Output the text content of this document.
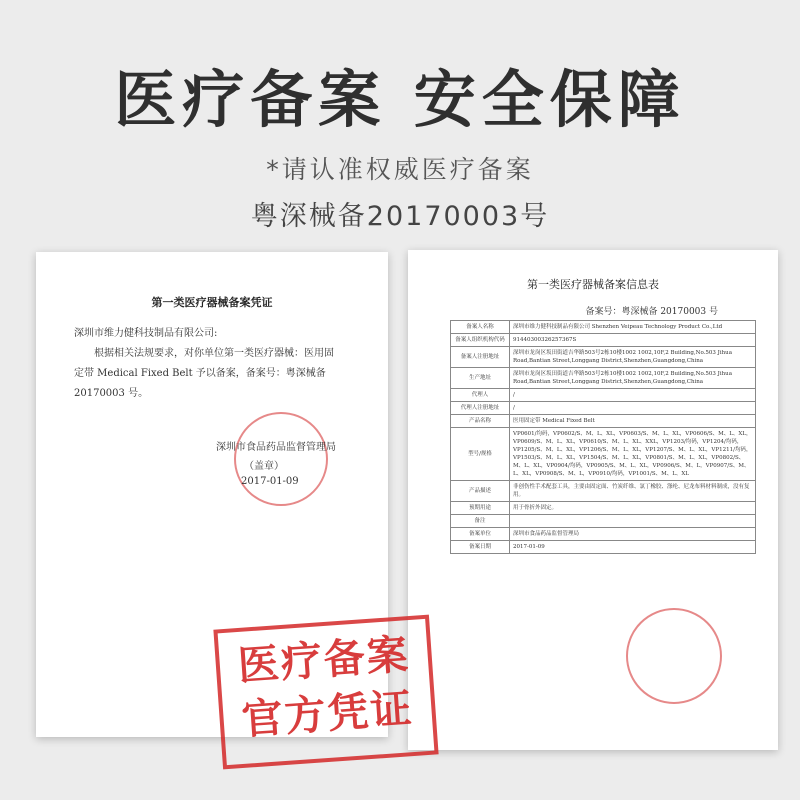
医疗备案 安全保障
*请认准权威医疗备案
粤深械备20170003号
第一类医疗器械备案凭证

深圳市维力健科技制品有限公司:

根据相关法规要求，对你单位第一类医疗器械：医用固

定带 Medical Fixed Belt 予以备案，备案号：粤深械备

20170003 号。

深圳市食品药品监督管理局
（盖章）
2017-01-09
第一类医疗器械备案信息表
备案号：粤深械备 20170003 号
备案人名称	深圳市维力健科技制品有限公司 Shenzhen Veipeau Technology Product Co.,Ltd
备案人组织机构代码	91440300326257367S
备案人注册地址	深圳市龙岗区坂田街道吉华路503号2栋10楼1002 1002,10F,2 Building,No.503 Jihua Road,Bantian Street,Longgang District,Shenzhen,Guangdong,China
生产地址	深圳市龙岗区坂田街道吉华路503号2栋10楼1002 1002,10F,2 Building,No.503 Jihua Road,Bantian Street,Longgang District,Shenzhen,Guangdong,China
代理人	/
代理人注册地址	/
产品名称	医用固定带 Medical Fixed Belt
型号/规格	VP0601/均码，VP0602/S、M、L、XL，VP0603/S、M、L、XL，VP0606/S、M、L、XL，VP0609/S、M、L、XL，VP0610/S、M、L、XL、XXL，VP1203/均码，VP1204/均码，VP1205/S、M、L、XL，VP1206/S、M、L、XL，VP1207/S、M、L、XL，VP1211/均码，VP1503/S、M、L、XL，VP1504/S、M、L、XL，VP0801/S、M、L、XL，VP0802/S、M、L、XL，VP0904/均码，VP0905/S、M、L、XL，VP0906/S、M、L，VP0907/S、M、L、XL，VP0908/S、M、L，VP0910/均码，VP1001/S、M、L、XL
产品描述	非创伤性手术配套工具，主要由固定面、竹炭纤维、氯丁橡胶、涤纶、尼龙布料材料制成，没有复用。
预期用途	用于骨折外固定。
备注	
备案单位	深圳市食品药品监督管理局
备案日期	2017-01-09
医疗备案
官方凭证
